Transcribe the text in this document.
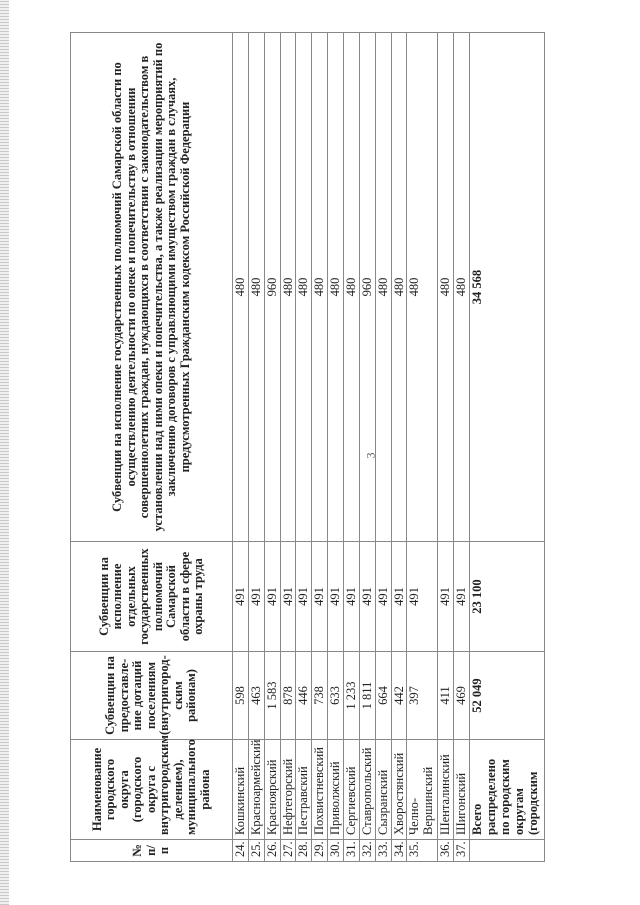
3
№ п/п	Наименование городского округа (городского округа с внутригородским делением), муниципального района	Субвенции на предоставле-ние дотаций поселениям (внутригород-ским районам)	Субвенции на исполнение отдельных государственных полномочий Самарской области в сфере охраны труда	Субвенции на исполнение государственных полномочий Самарской области по осуществлению деятельности по опеке и попечительству в отношении совершеннолетних граждан, нуждающихся в соответствии с законодательством в установлении над ними опеки и попечительства, а также реализации мероприятий по заключению договоров с управляющими имуществом граждан в случаях, предусмотренных Гражданским кодексом Российской Федерации
24.	Кошкинский	598	491	480
25.	Красноармейский	463	491	480
26.	Красноярский	1 583	491	960
27.	Нефтегорский	878	491	480
28.	Пестравский	446	491	480
29.	Похвистневский	738	491	480
30.	Приволжский	633	491	480
31.	Сергиевский	1 233	491	480
32.	Ставропольский	1 811	491	960
33.	Сызранский	664	491	480
34.	Хворостянский	442	491	480
35.	Челно-Вершинский	397	491	480
36.	Шенталинский	411	491	480
37.	Шигонский	469	491	480
	Всего распределено по городским округам (городским	52 049	23 100	34 568
